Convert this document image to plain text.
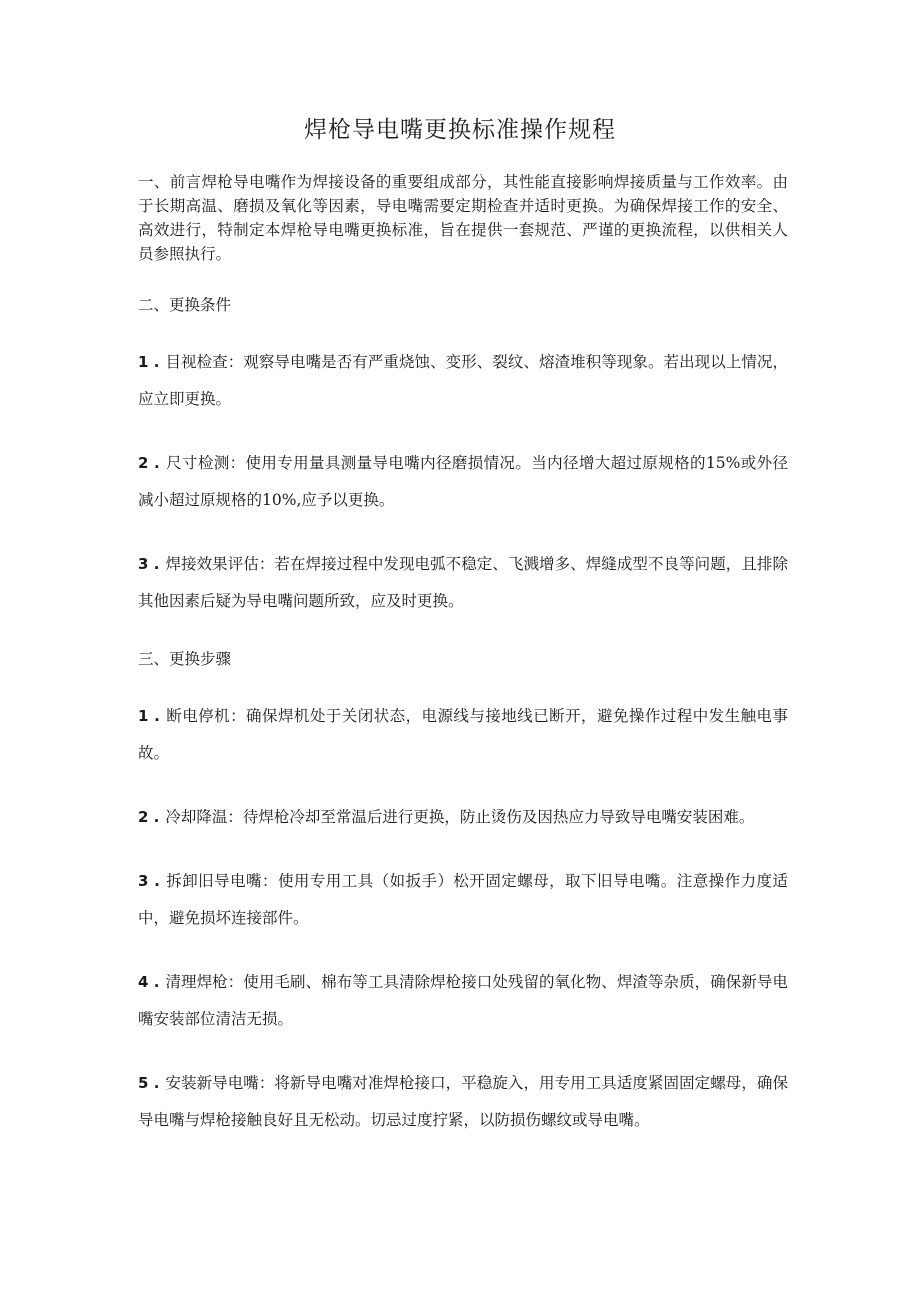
焊枪导电嘴更换标准操作规程

一、前言焊枪导电嘴作为焊接设备的重要组成部分，其性能直接影响焊接质量与工作效率。由于长期高温、磨损及氧化等因素，导电嘴需要定期检查并适时更换。为确保焊接工作的安全、高效进行，特制定本焊枪导电嘴更换标准，旨在提供一套规范、严谨的更换流程，以供相关人员参照执行。

二、更换条件

1 . 目视检查：观察导电嘴是否有严重烧蚀、变形、裂纹、熔渣堆积等现象。若出现以上情况，应立即更换。

2 . 尺寸检测：使用专用量具测量导电嘴内径磨损情况。当内径增大超过原规格的15%或外径减小超过原规格的10%,应予以更换。

3 . 焊接效果评估：若在焊接过程中发现电弧不稳定、飞溅增多、焊缝成型不良等问题，且排除其他因素后疑为导电嘴问题所致，应及时更换。

三、更换步骤

1 . 断电停机：确保焊机处于关闭状态，电源线与接地线已断开，避免操作过程中发生触电事故。

2 . 冷却降温：待焊枪冷却至常温后进行更换，防止烫伤及因热应力导致导电嘴安装困难。

3 . 拆卸旧导电嘴：使用专用工具（如扳手）松开固定螺母，取下旧导电嘴。注意操作力度适中，避免损坏连接部件。

4 . 清理焊枪：使用毛刷、棉布等工具清除焊枪接口处残留的氧化物、焊渣等杂质，确保新导电嘴安装部位清洁无损。

5 . 安装新导电嘴：将新导电嘴对准焊枪接口，平稳旋入，用专用工具适度紧固固定螺母，确保导电嘴与焊枪接触良好且无松动。切忌过度拧紧，以防损伤螺纹或导电嘴。
